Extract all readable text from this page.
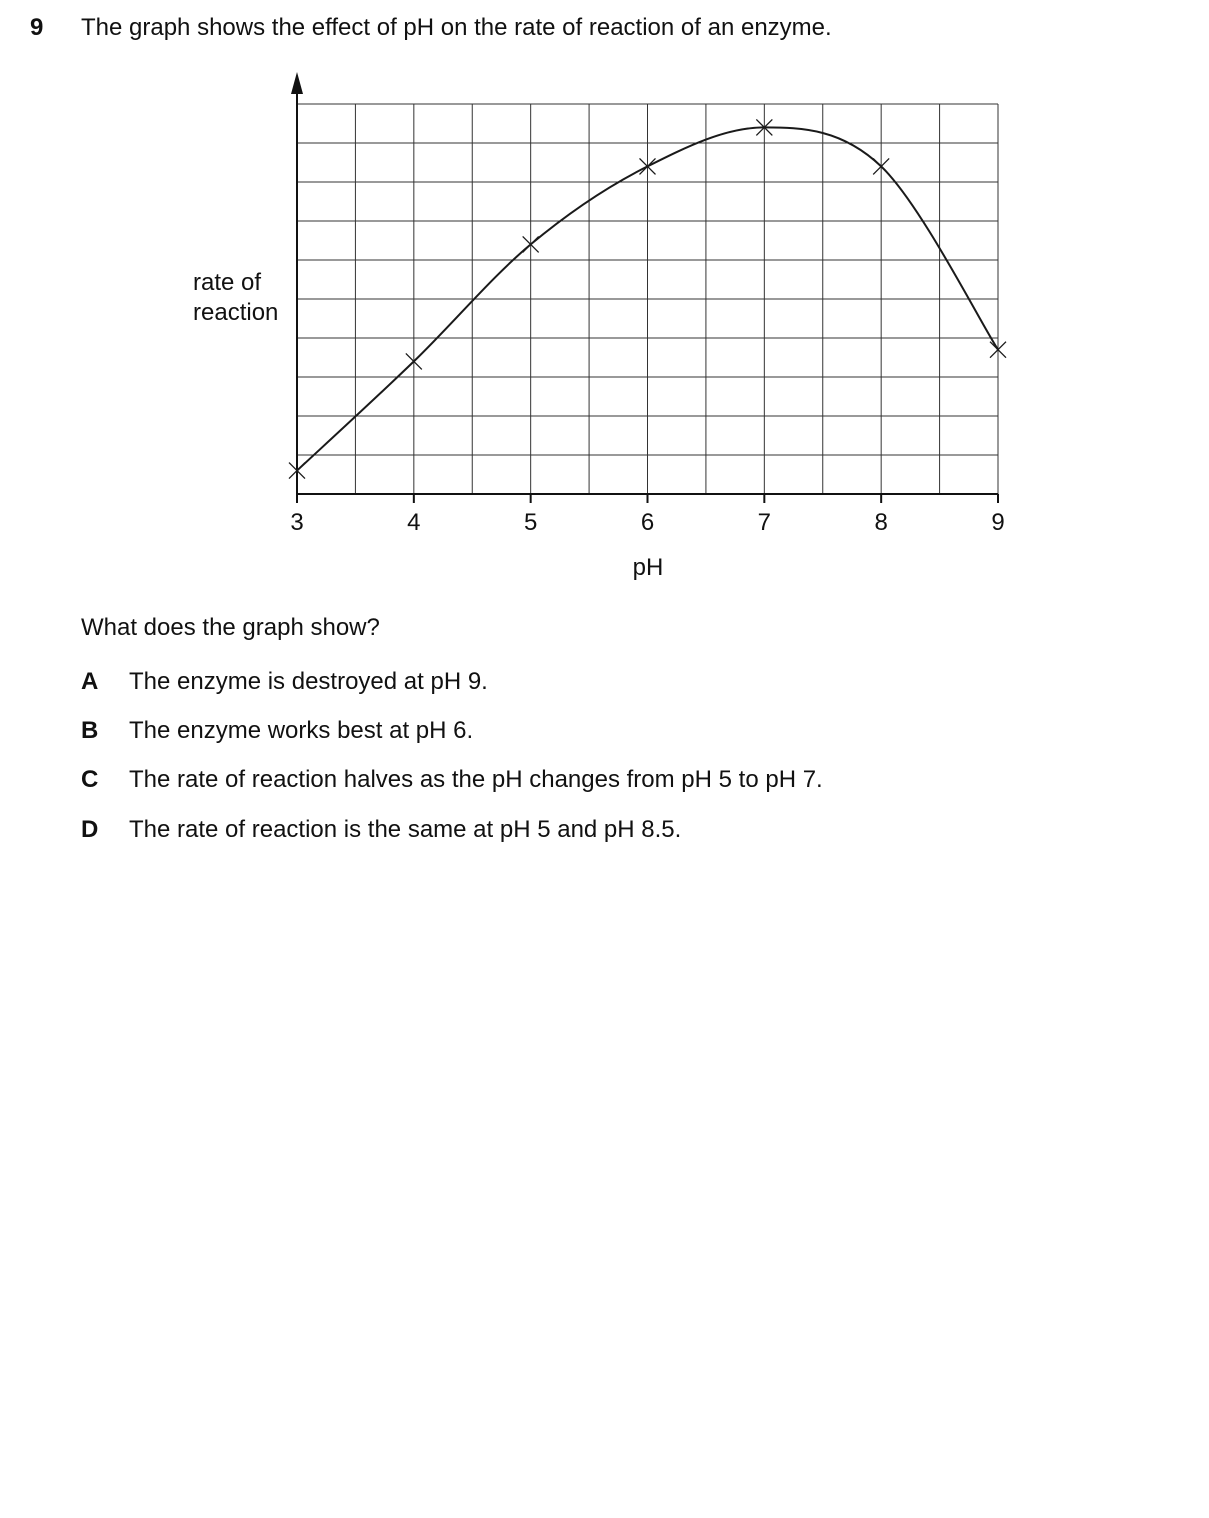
9 The graph shows the effect of pH on the rate of reaction of an enzyme.
3	4	5	6	7	8	9
pH
rate of
reaction
What does the graph show?
A	The enzyme is destroyed at pH 9.
B	The enzyme works best at pH 6.
C	The rate of reaction halves as the pH changes from pH 5 to pH 7.
D	The rate of reaction is the same at pH 5 and pH 8.5.
